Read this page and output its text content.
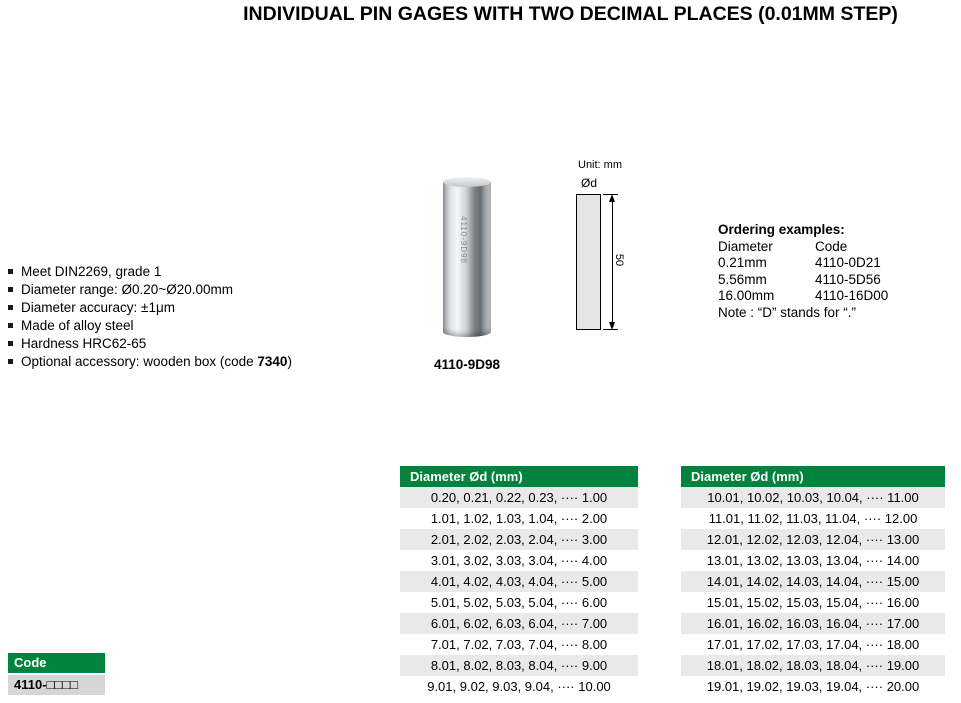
INDIVIDUAL PIN GAGES WITH TWO DECIMAL PLACES (0.01MM STEP)
Meet DIN2269, grade 1
Diameter range: Ø0.20~Ø20.00mm
Diameter accuracy: ±1μm
Made of alloy steel
Hardness HRC62-65
Optional accessory: wooden box (code 7340)
4110-9D98
4110-9D98
Unit: mm
Ød
50
Ordering examples:
Diameter	Code
0.21mm	4110-0D21
5.56mm	4110-5D56
16.00mm	4110-16D00
Note : “D” stands for “.”
Code
4110-□□□□
Diameter Ød (mm)
0.20, 0.21, 0.22, 0.23, ···· 1.00
1.01, 1.02, 1.03, 1.04, ···· 2.00
2.01, 2.02, 2.03, 2.04, ···· 3.00
3.01, 3.02, 3.03, 3.04, ···· 4.00
4.01, 4.02, 4.03, 4.04, ···· 5.00
5.01, 5.02, 5.03, 5.04, ···· 6.00
6.01, 6.02, 6.03, 6.04, ···· 7.00
7.01, 7.02, 7.03, 7.04, ···· 8.00
8.01, 8.02, 8.03, 8.04, ···· 9.00
9.01, 9.02, 9.03, 9.04, ···· 10.00
Diameter Ød (mm)
10.01, 10.02, 10.03, 10.04, ···· 11.00
11.01, 11.02, 11.03, 11.04, ···· 12.00
12.01, 12.02, 12.03, 12.04, ···· 13.00
13.01, 13.02, 13.03, 13.04, ···· 14.00
14.01, 14.02, 14.03, 14.04, ···· 15.00
15.01, 15.02, 15.03, 15.04, ···· 16.00
16.01, 16.02, 16.03, 16.04, ···· 17.00
17.01, 17.02, 17.03, 17.04, ···· 18.00
18.01, 18.02, 18.03, 18.04, ···· 19.00
19.01, 19.02, 19.03, 19.04, ···· 20.00
